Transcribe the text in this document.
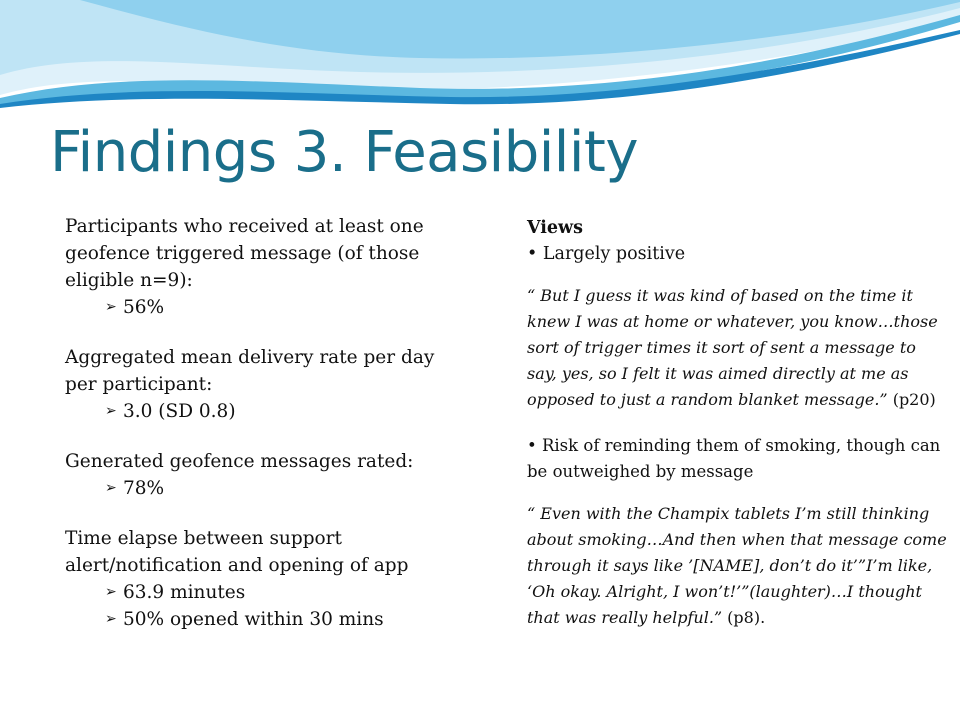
Findings 3. Feasibility

Participants who received at least one geofence triggered message (of those eligible n=9):

➢ 56%

Aggregated mean delivery rate per day per participant:

➢ 3.0 (SD 0.8)

Generated geofence messages rated:

➢ 78%

Time elapse between support alert/notification and opening of app

➢ 63.9 minutes
➢ 50% opened within 30 mins

Views

• Largely positive

“ But I guess it was kind of based on the time it knew I was at home or whatever, you know…those sort of trigger times it sort of sent a message to say, yes, so I felt it was aimed directly at me as opposed to just a random blanket message.” (p20)

• Risk of reminding them of smoking, though can be outweighed by message

“ Even with the Champix tablets I’m still thinking about smoking…And then when that message come through it says like ’[NAME], don’t do it’”I’m like, ‘Oh okay. Alright, I won’t!’”(laughter)…I thought that was really helpful.” (p8).
